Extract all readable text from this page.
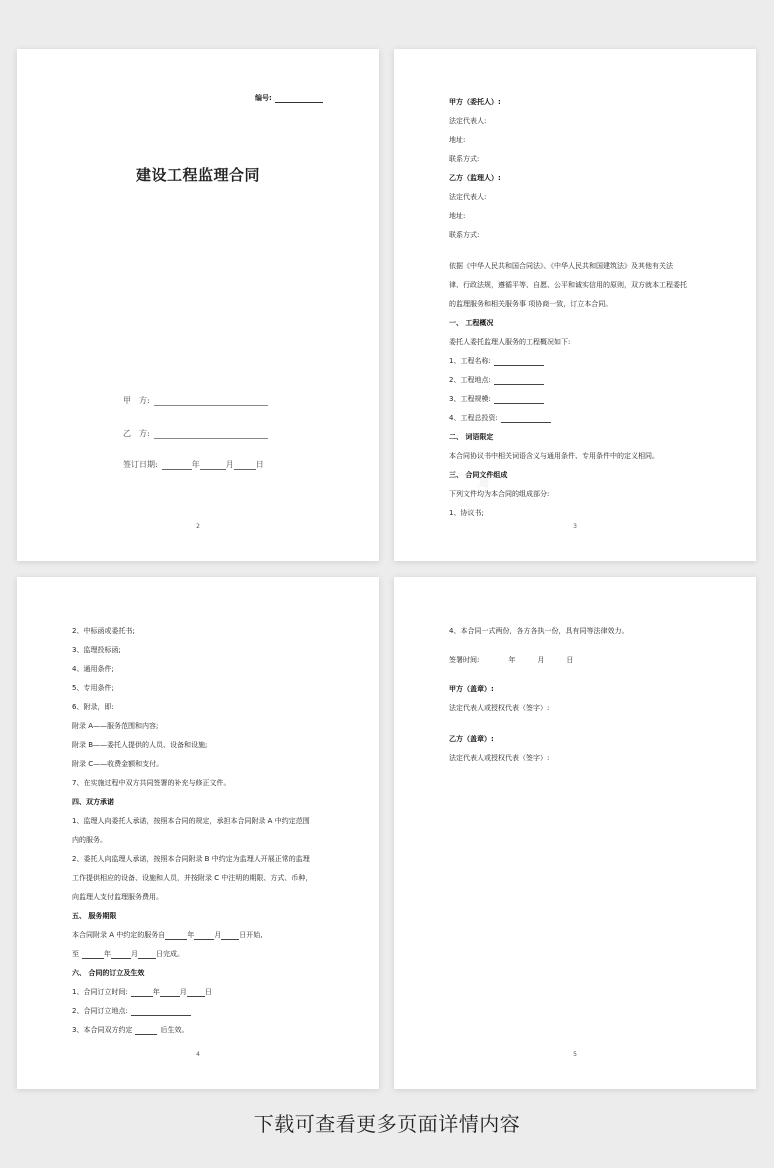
编号:
建设工程监理合同
甲　方:
乙　方:
签订日期:	年	月	日
2
甲方（委托人）:
法定代表人:
地址:
联系方式:
乙方（监理人）:
法定代表人:
地址:
联系方式:
依据《中华人民共和国合同法》、《中华人民共和国建筑法》及其他有关法
律、行政法规，遵循平等、自愿、公平和诚实信用的原则，双方就本工程委托
的监理服务和相关服务事 项协商一致，订立本合同。
一、 工程概况
委托人委托监理人服务的工程概况如下:
1、工程名称:
2、工程地点:
3、工程规模:
4、工程总投资:
二、 词语限定
本合同协议书中相关词语含义与通用条件、专用条件中的定义相同。
三、 合同文件组成
下列文件均为本合同的组成部分:
1、协议书;
3
2、中标函或委托书;
3、监理投标函;
4、通用条件;
5、专用条件;
6、附录，即:
附录 A——服务范围和内容;
附录 B——委托人提供的人员、设备和设施;
附录 C——收费金额和支付。
7、在实施过程中双方共同签署的补充与修正文件。
四、双方承诺
1、监理人向委托人承诺，按照本合同的规定，承担本合同附录 A 中约定范围
内的服务。
2、委托人向监理人承诺，按照本合同附录 B 中约定为监理人开展正常的监理
工作提供相应的设备、设施和人员，并按附录 C 中注明的期限、方式、币种，
向监理人支付监理服务费用。
五、 服务期限
本合同附录 A 中约定的服务自	年	月	日开始,
至	年	月	日完成。
六、 合同的订立及生效
1、合同订立时间:	年	月	日
2、合同订立地点:
3、本合同双方约定	后生效。
4
4、本合同一式两份，各方各执一份，具有同等法律效力。
签署时间:	年	月	日
甲方（盖章）:
法定代表人或授权代表（签字）:
乙方（盖章）:
法定代表人或授权代表（签字）:
5
下载可查看更多页面详情内容
